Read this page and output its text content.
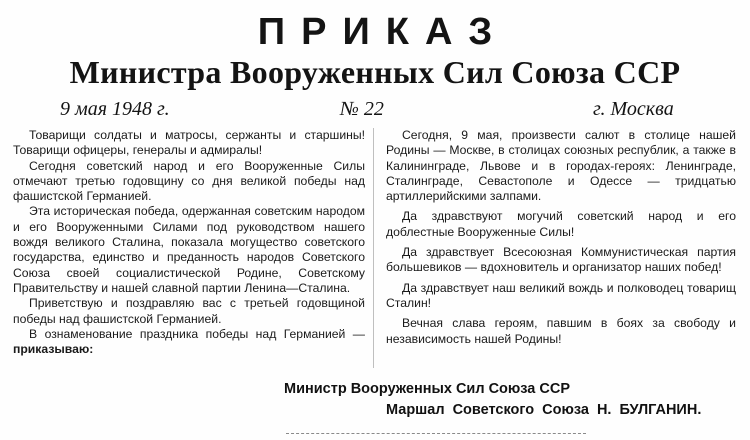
ПРИКАЗ
Министра Вооруженных Сил Союза ССР
9 мая 1948 г.	№ 22	г. Москва

Товарищи солдаты и матросы, сержанты и старшины! Товарищи офицеры, генералы и адмиралы!

Сегодня советский народ и его Вооруженные Силы отмечают третью годовщину со дня великой победы над фашистской Германией.

Эта историческая победа, одержанная советским народом и его Вооруженными Силами под руководством нашего вождя великого Сталина, показала могущество советского государства, единство и преданность народов Советского Союза своей социалистической Родине, Советскому Правительству и нашей славной партии Ленина—Сталина.

Приветствую и поздравляю вас с третьей годовщиной победы над фашистской Германией.

В ознаменование праздника победы над Германией — приказываю:

Сегодня, 9 мая, произвести салют в столице нашей Родины — Москве, в столицах союзных республик, а также в Калининграде, Львове и в городах-героях: Ленинграде, Сталинграде, Севастополе и Одессе — тридцатью артиллерийскими залпами.

Да здравствуют могучий советский народ и его доблестные Вооруженные Силы!

Да здравствует Всесоюзная Коммунистическая партия большевиков — вдохновитель и организатор наших побед!

Да здравствует наш великий вождь и полководец товарищ Сталин!

Вечная слава героям, павшим в боях за свободу и независимость нашей Родины!

Министр Вооруженных Сил Союза ССР
Маршал Советского Союза Н. БУЛГАНИН.
